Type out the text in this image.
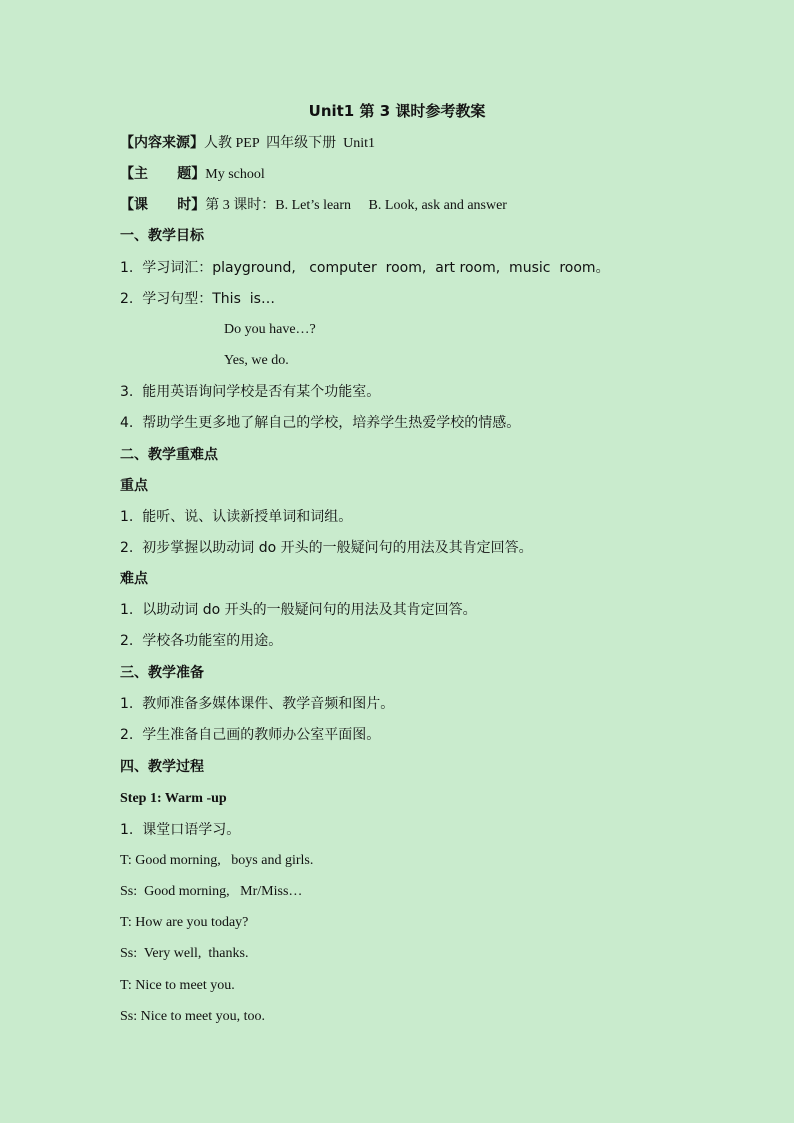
Unit1 第 3 课时参考教案
【内容来源】人教 PEP  四年级下册  Unit1
【主      题】My school
【课      时】第 3 课时：B. Let’s learn     B. Look, ask and answer
一、教学目标
1.  学习词汇：playground,   computer  room,  art room,  music  room。
2.  学习句型：This  is…
Do you have…?
Yes, we do.
3.  能用英语询问学校是否有某个功能室。
4.  帮助学生更多地了解自己的学校，培养学生热爱学校的情感。
二、教学重难点
重点
1.  能听、说、认读新授单词和词组。
2.  初步掌握以助动词 do 开头的一般疑问句的用法及其肯定回答。
难点
1.  以助动词 do 开头的一般疑问句的用法及其肯定回答。
2.  学校各功能室的用途。
三、教学准备
1.  教师准备多媒体课件、教学音频和图片。
2.  学生准备自己画的教师办公室平面图。
四、教学过程
Step 1: Warm -up
1.  课堂口语学习。
T: Good morning,   boys and girls.
Ss:  Good morning,   Mr/Miss…
T: How are you today?
Ss:  Very well,  thanks.
T: Nice to meet you.
Ss: Nice to meet you, too.
